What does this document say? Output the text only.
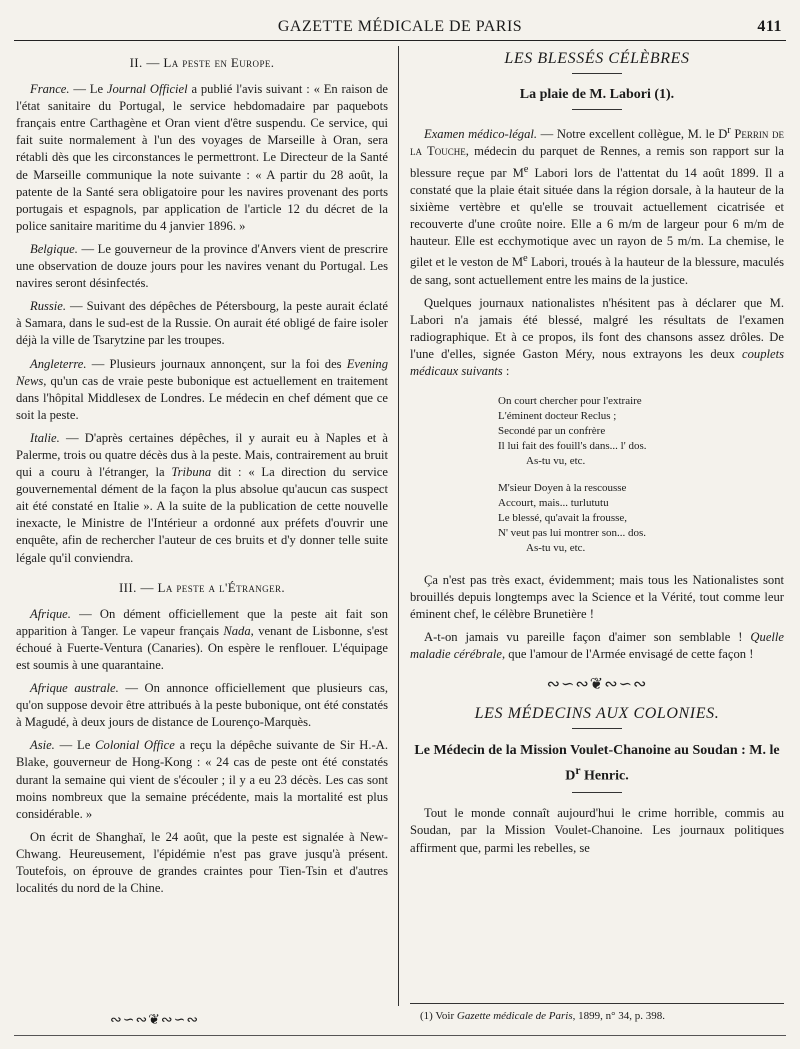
GAZETTE MÉDICALE DE PARIS	411
II. — La peste en Europe.

France. — Le Journal Officiel a publié l'avis suivant : « En raison de l'état sanitaire du Portugal, le service hebdomadaire par paquebots français entre Carthagène et Oran vient d'être suspendu. Ce service, qui fait suite normalement à l'un des voyages de Marseille à Oran, sera rétabli dès que les circonstances le permettront. Le Directeur de la Santé de Marseille communique la note suivante : « A partir du 28 août, la patente de la Santé sera obligatoire pour les navires provenant des ports portugais et espagnols, par application de l'article 12 du décret de la police sanitaire maritime du 4 janvier 1896. »

Belgique. — Le gouverneur de la province d'Anvers vient de prescrire une observation de douze jours pour les navires venant du Portugal. Les navires seront désinfectés.

Russie. — Suivant des dépêches de Pétersbourg, la peste aurait éclaté à Samara, dans le sud-est de la Russie. On aurait été obligé de faire isoler déjà la ville de Tsarytzine par les troupes.

Angleterre. — Plusieurs journaux annonçent, sur la foi des Evening News, qu'un cas de vraie peste bubonique est actuellement en traitement dans l'hôpital Middlesex de Londres. Le médecin en chef dément que ce soit la peste.

Italie. — D'après certaines dépêches, il y aurait eu à Naples et à Palerme, trois ou quatre décès dus à la peste. Mais, contrairement au bruit qui a couru à l'étranger, la Tribuna dit : « La direction du service gouvernemental dément de la façon la plus absolue qu'aucun cas suspect ait été constaté en Italie ». A la suite de la publication de cette nouvelle inexacte, le Ministre de l'Intérieur a ordonné aux préfets d'ouvrir une enquête, afin de rechercher l'auteur de ces bruits et d'y donner telle suite légale qu'il conviendra.

III. — La peste a l'Étranger.

Afrique. — On dément officiellement que la peste ait fait son apparition à Tanger. Le vapeur français Nada, venant de Lisbonne, s'est échoué à Fuerte-Ventura (Canaries). On espère le renflouer. L'équipage est soumis à une quarantaine.

Afrique australe. — On annonce officiellement que plusieurs cas, qu'on suppose devoir être attribués à la peste bubonique, ont été constatés à Magudé, à deux jours de distance de Lourenço-Marquès.

Asie. — Le Colonial Office a reçu la dépêche suivante de Sir H.-A. Blake, gouverneur de Hong-Kong : « 24 cas de peste ont été constatés durant la semaine qui vient de s'écouler ; il y a eu 23 décès. Les cas sont moins nombreux que la semaine précédente, mais la mortalité est plus considérable. »

On écrit de Shanghaï, le 24 août, que la peste est signalée à New-Chwang. Heureusement, l'épidémie n'est pas grave jusqu'à présent. Toutefois, on éprouve de grandes craintes pour Tien-Tsin et d'autres localités du nord de la Chine.

∾∽∾❦∾∽∾
LES BLESSÉS CÉLÈBRES
La plaie de M. Labori (1).

Examen médico-légal. — Notre excellent collègue, M. le $D^r$ Perrin de la Touche, médecin du parquet de Rennes, a remis son rapport sur la blessure reçue par Me Labori lors de l'attentat du 14 août 1899. Il a constaté que la plaie était située dans la région dorsale, à la hauteur de la sixième vertèbre et qu'elle se trouvait actuellement cicatrisée et recouverte d'une croûte noire. Elle a 6 m/m de largeur pour 6 m/m de hauteur. Elle est ecchymotique avec un rayon de 5 m/m. La chemise, le gilet et le veston de Me Labori, troués à la hauteur de la blessure, maculés de sang, sont actuellement entre les mains de la justice.

Quelques journaux nationalistes n'hésitent pas à déclarer que M. Labori n'a jamais été blessé, malgré les résultats de l'examen radiographique. Et à ce propos, ils font des chansons assez drôles. De l'une d'elles, signée Gaston Méry, nous extrayons les deux couplets médicaux suivants :

On court chercher pour l'extraire
L'éminent docteur Reclus ;
Secondé par un confrère
Il lui fait des fouill's dans... l' dos.
As-tu vu, etc.
M'sieur Doyen à la rescousse
Accourt, mais... turlututu
Le blessé, qu'avait la frousse,
N' veut pas lui montrer son... dos.
As-tu vu, etc.

Ça n'est pas très exact, évidemment; mais tous les Nationalistes sont brouillés depuis longtemps avec la Science et la Vérité, tout comme leur éminent chef, le célèbre Brunetière !

A-t-on jamais vu pareille façon d'aimer son semblable ! Quelle maladie cérébrale, que l'amour de l'Armée envisagé de cette façon !

∾∽∾❦∾∽∾
LES MÉDECINS AUX COLONIES.
Le Médecin de la Mission Voulet-Chanoine au Soudan : M. le $D^r$ Henric.

Tout le monde connaît aujourd'hui le crime horrible, commis au Soudan, par la Mission Voulet-Chanoine. Les journaux politiques affirment que, parmi les rebelles, se

(1) Voir Gazette médicale de Paris, 1899, n° 34, p. 398.
